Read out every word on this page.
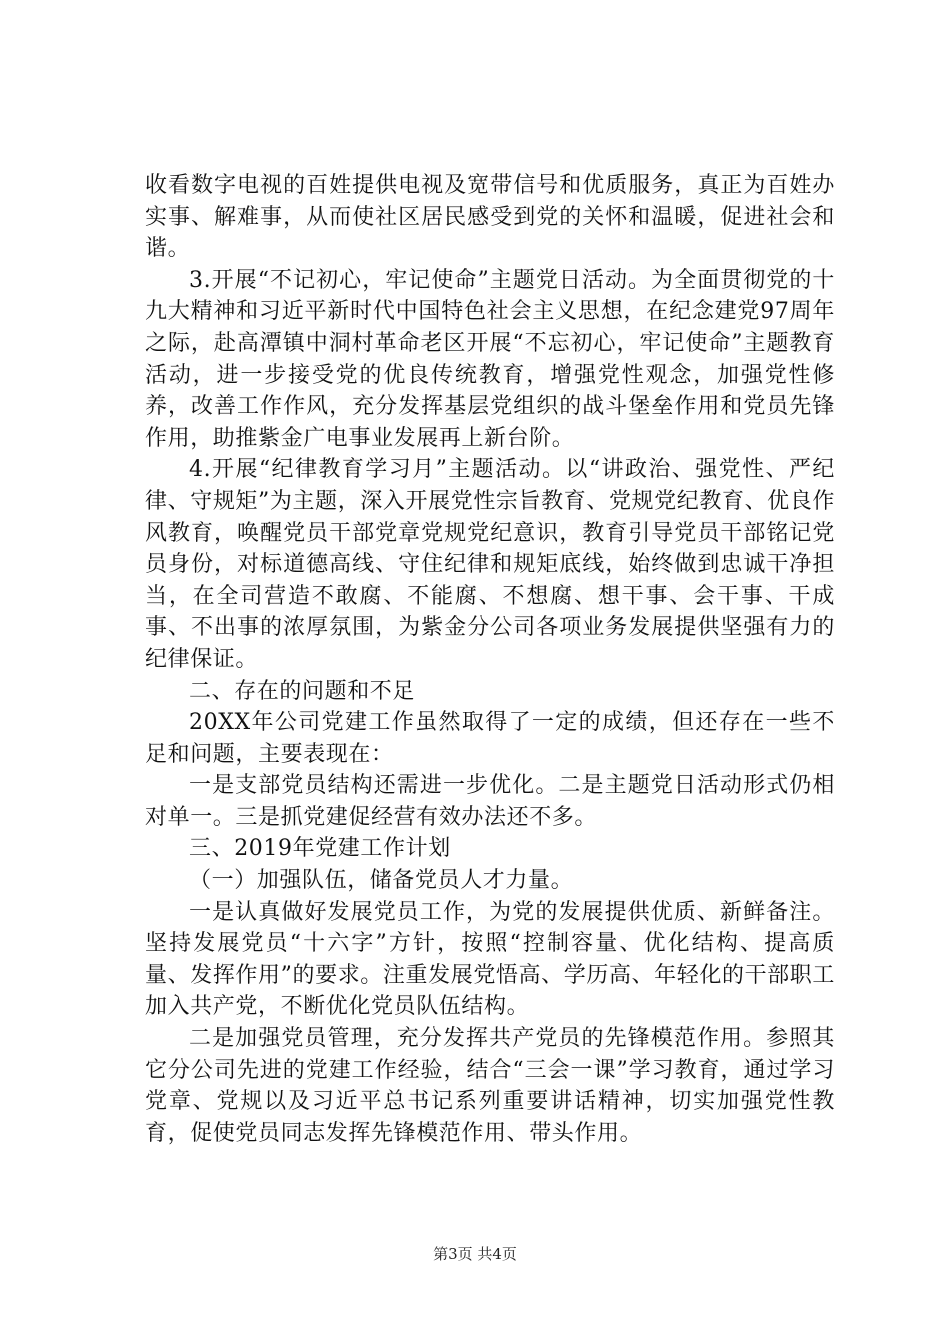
收看数字电视的百姓提供电视及宽带信号和优质服务，真正为百姓办实事、解难事，从而使社区居民感受到党的关怀和温暖，促进社会和谐。

3.开展“不记初心，牢记使命”主题党日活动。为全面贯彻党的十九大精神和习近平新时代中国特色社会主义思想，在纪念建党97周年之际，赴高潭镇中洞村革命老区开展“不忘初心，牢记使命”主题教育活动，进一步接受党的优良传统教育，增强党性观念，加强党性修养，改善工作作风，充分发挥基层党组织的战斗堡垒作用和党员先锋作用，助推紫金广电事业发展再上新台阶。

4.开展“纪律教育学习月”主题活动。以“讲政治、强党性、严纪律、守规矩”为主题，深入开展党性宗旨教育、党规党纪教育、优良作风教育，唤醒党员干部党章党规党纪意识，教育引导党员干部铭记党员身份，对标道德高线、守住纪律和规矩底线，始终做到忠诚干净担当，在全司营造不敢腐、不能腐、不想腐、想干事、会干事、干成事、不出事的浓厚氛围，为紫金分公司各项业务发展提供坚强有力的纪律保证。

二、存在的问题和不足

20XX年公司党建工作虽然取得了一定的成绩，但还存在一些不足和问题，主要表现在：

一是支部党员结构还需进一步优化。二是主题党日活动形式仍相对单一。三是抓党建促经营有效办法还不多。

三、2019年党建工作计划

（一）加强队伍，储备党员人才力量。

一是认真做好发展党员工作，为党的发展提供优质、新鲜备注。坚持发展党员“十六字”方针，按照“控制容量、优化结构、提高质量、发挥作用”的要求。注重发展党悟高、学历高、年轻化的干部职工加入共产党，不断优化党员队伍结构。

二是加强党员管理，充分发挥共产党员的先锋模范作用。参照其它分公司先进的党建工作经验，结合“三会一课”学习教育，通过学习党章、党规以及习近平总书记系列重要讲话精神，切实加强党性教育，促使党员同志发挥先锋模范作用、带头作用。

第3页 共4页
